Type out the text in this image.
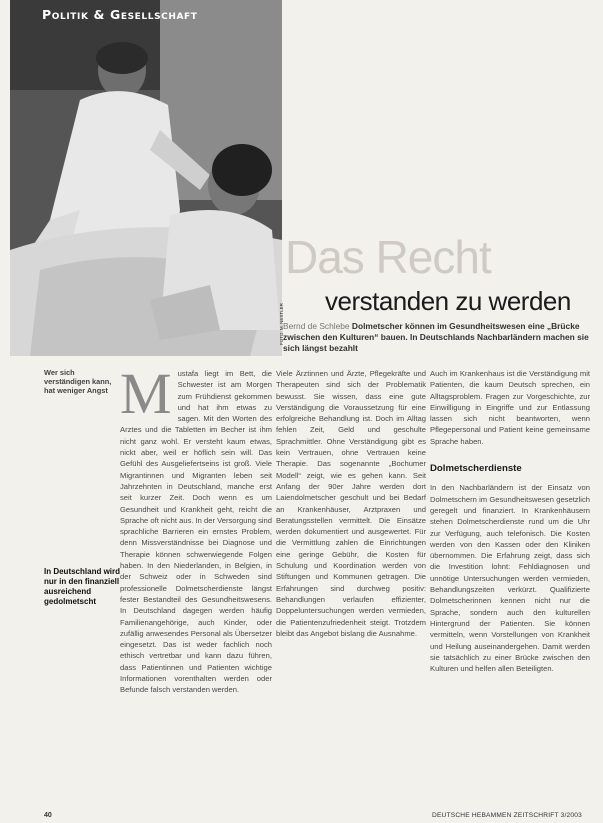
Politik & Gesellschaft
FOTO: M. NESTLER
Das Recht
verstanden zu werden
Bernd de Schlebe Dolmetscher können im Gesundheitswesen eine „Brücke zwischen den Kulturen“ bauen. In Deutschlands Nachbarländern machen sie sich längst bezahlt
Wer sich verständigen kann, hat weniger Angst
In Deutschland wird nur in den finanziell ausreichend gedolmetscht
M ustafa liegt im Bett, die Schwester ist am Morgen zum Frühdienst gekommen und hat ihm etwas zu sagen. Mit den Worten des Arztes und die Tabletten im Becher ist ihm nicht ganz wohl. Er versteht kaum etwas, nickt aber, weil er höflich sein will. Das Gefühl des Ausgeliefertseins ist groß. Viele Migrantinnen und Migranten leben seit Jahrzehnten in Deutschland, manche erst seit kurzer Zeit. Doch wenn es um Gesundheit und Krankheit geht, reicht die Sprache oft nicht aus. In der Versorgung sind sprachliche Barrieren ein ernstes Problem, denn Missverständnisse bei Diagnose und Therapie können schwerwiegende Folgen haben. In den Niederlanden, in Belgien, in der Schweiz oder in Schweden sind professionelle Dolmetscherdienste längst fester Bestandteil des Gesundheitswesens. In Deutschland dagegen werden häufig Familienangehörige, auch Kinder, oder zufällig anwesendes Personal als Übersetzer eingesetzt. Das ist weder fachlich noch ethisch vertretbar und kann dazu führen, dass Patientinnen und Patienten wichtige Informationen vorenthalten werden oder Befunde falsch verstanden werden.

Viele Ärztinnen und Ärzte, Pflegekräfte und Therapeuten sind sich der Problematik bewusst. Sie wissen, dass eine gute Verständigung die Voraussetzung für eine erfolgreiche Behandlung ist. Doch im Alltag fehlen Zeit, Geld und geschulte Sprachmittler. Ohne Verständigung gibt es kein Vertrauen, ohne Vertrauen keine Therapie. Das sogenannte „Bochumer Modell“ zeigt, wie es gehen kann. Seit Anfang der 90er Jahre werden dort Laiendolmetscher geschult und bei Bedarf an Krankenhäuser, Arztpraxen und Beratungsstellen vermittelt. Die Einsätze werden dokumentiert und ausgewertet. Für die Vermittlung zahlen die Einrichtungen eine geringe Gebühr, die Kosten für Schulung und Koordination werden von Stiftungen und Kommunen getragen. Die Erfahrungen sind durchweg positiv: Behandlungen verlaufen effizienter, Doppeluntersuchungen werden vermieden, die Patientenzufriedenheit steigt. Trotzdem bleibt das Angebot bislang die Ausnahme.

Auch im Krankenhaus ist die Verständigung mit Patienten, die kaum Deutsch sprechen, ein Alltagsproblem. Fragen zur Vorgeschichte, zur Einwilligung in Eingriffe und zur Entlassung lassen sich nicht beantworten, wenn Pflegepersonal und Patient keine gemeinsame Sprache haben.

Dolmetscherdienste

In den Nachbarländern ist der Einsatz von Dolmetschern im Gesundheitswesen gesetzlich geregelt und finanziert. In Krankenhäusern stehen Dolmetscherdienste rund um die Uhr zur Verfügung, auch telefonisch. Die Kosten werden von den Kassen oder den Kliniken übernommen. Die Erfahrung zeigt, dass sich die Investition lohnt: Fehldiagnosen und unnötige Untersuchungen werden vermieden, Behandlungszeiten verkürzt. Qualifizierte Dolmetscherinnen kennen nicht nur die Sprache, sondern auch den kulturellen Hintergrund der Patienten. Sie können vermitteln, wenn Vorstellungen von Krankheit und Heilung auseinandergehen. Damit werden sie tatsächlich zu einer Brücke zwischen den Kulturen und helfen allen Beteiligten.

40	DEUTSCHE HEBAMMEN ZEITSCHRIFT 3/2003
